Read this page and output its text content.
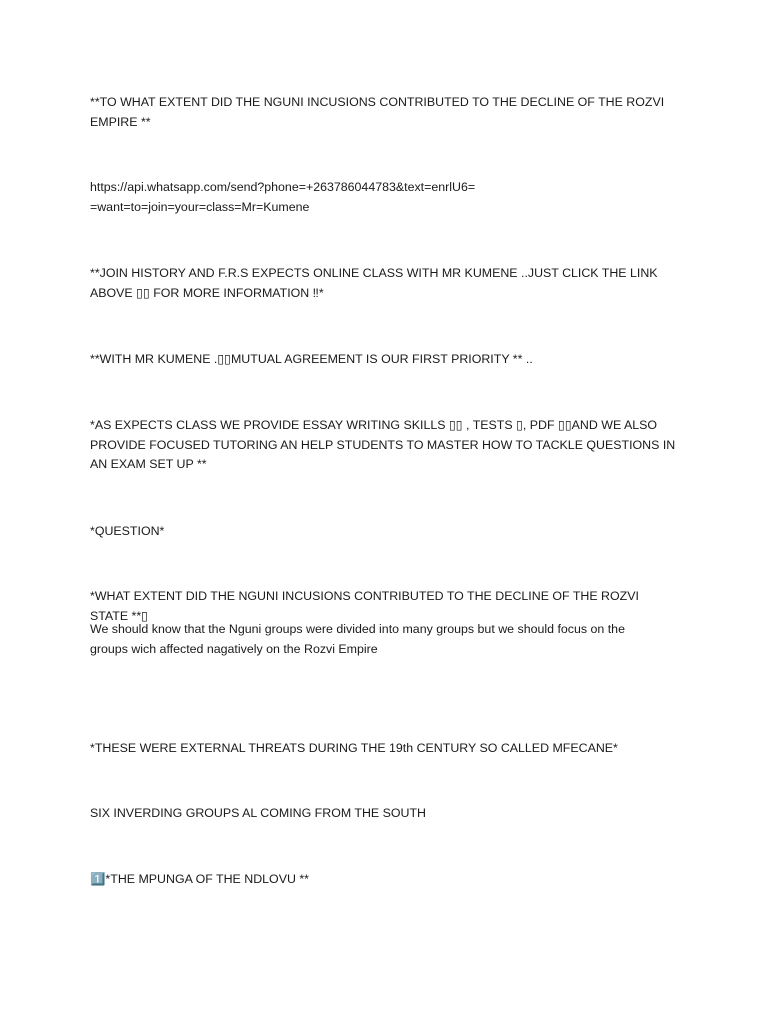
**TO WHAT EXTENT DID THE NGUNI INCUSIONS CONTRIBUTED TO THE DECLINE OF THE ROZVI EMPIRE **

https://api.whatsapp.com/send?phone=+263786044783&text=enrlU6= =want=to=join=your=class=Mr=Kumene

**JOIN HISTORY AND F.R.S EXPECTS ONLINE CLASS WITH MR KUMENE ..JUST CLICK THE LINK ABOVE ▯▯ FOR MORE INFORMATION ‼*

**WITH MR KUMENE .▯▯MUTUAL AGREEMENT IS OUR FIRST PRIORITY ** ..

*AS EXPECTS CLASS WE PROVIDE ESSAY WRITING SKILLS ▯▯ , TESTS ▯, PDF ▯▯AND WE ALSO PROVIDE FOCUSED TUTORING AN HELP STUDENTS TO MASTER HOW TO TACKLE QUESTIONS IN AN EXAM SET UP **

*QUESTION*

*WHAT EXTENT DID THE NGUNI INCUSIONS CONTRIBUTED TO THE DECLINE OF THE ROZVI STATE **▯

We should know that the Nguni groups were divided into many groups but we should focus on the groups wich affected nagatively on the Rozvi Empire

*THESE WERE EXTERNAL THREATS DURING THE 19th CENTURY SO CALLED MFECANE*

SIX INVERDING GROUPS AL COMING FROM THE SOUTH

1️⃣*THE MPUNGA OF THE NDLOVU **
